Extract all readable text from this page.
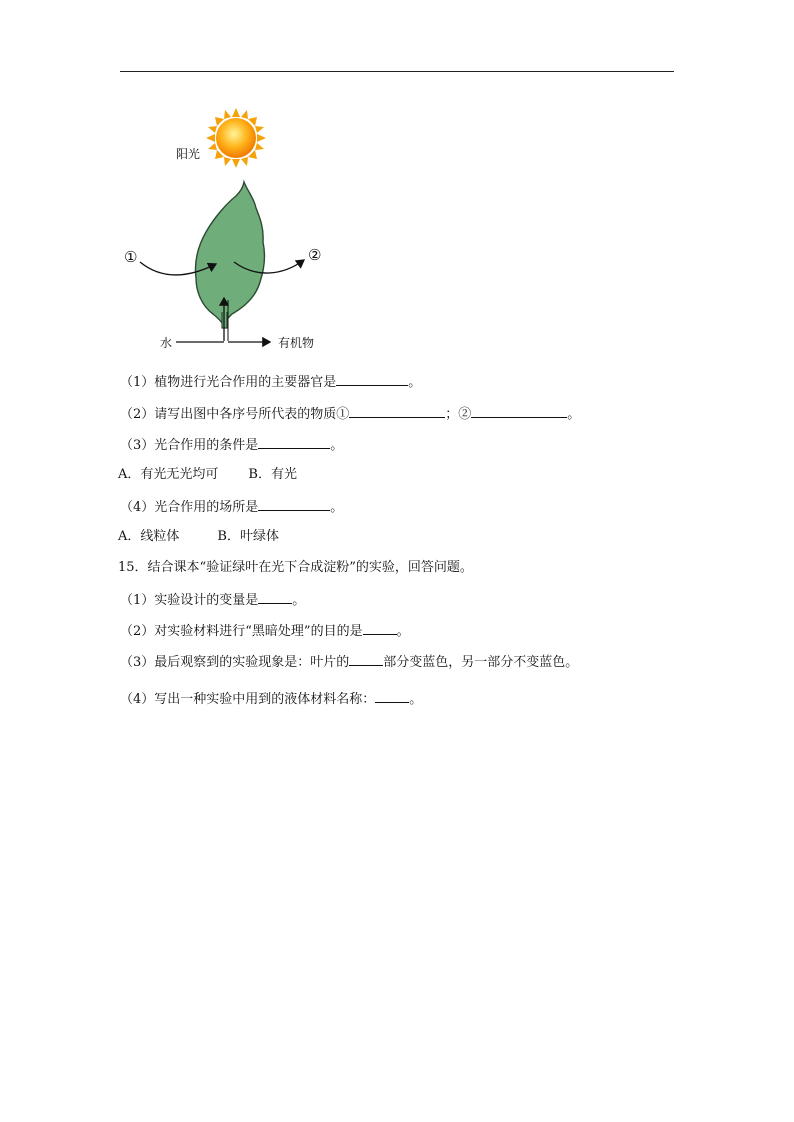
阳光
①	②
水	有机物
（1）植物进行光合作用的主要器官是	。
（2）请写出图中各序号所代表的物质①	；②	。
（3）光合作用的条件是	。
A．有光无光均可 B．有光
（4）光合作用的场所是	。
A．线粒体	B．叶绿体
15．结合课本“验证绿叶在光下合成淀粉”的实验，回答问题。
（1）实验设计的变量是	。
（2）对实验材料进行“黑暗处理”的目的是	。
（3）最后观察到的实验现象是：叶片的	部分变蓝色，另一部分不变蓝色。
（4）写出一种实验中用到的液体材料名称：	。
